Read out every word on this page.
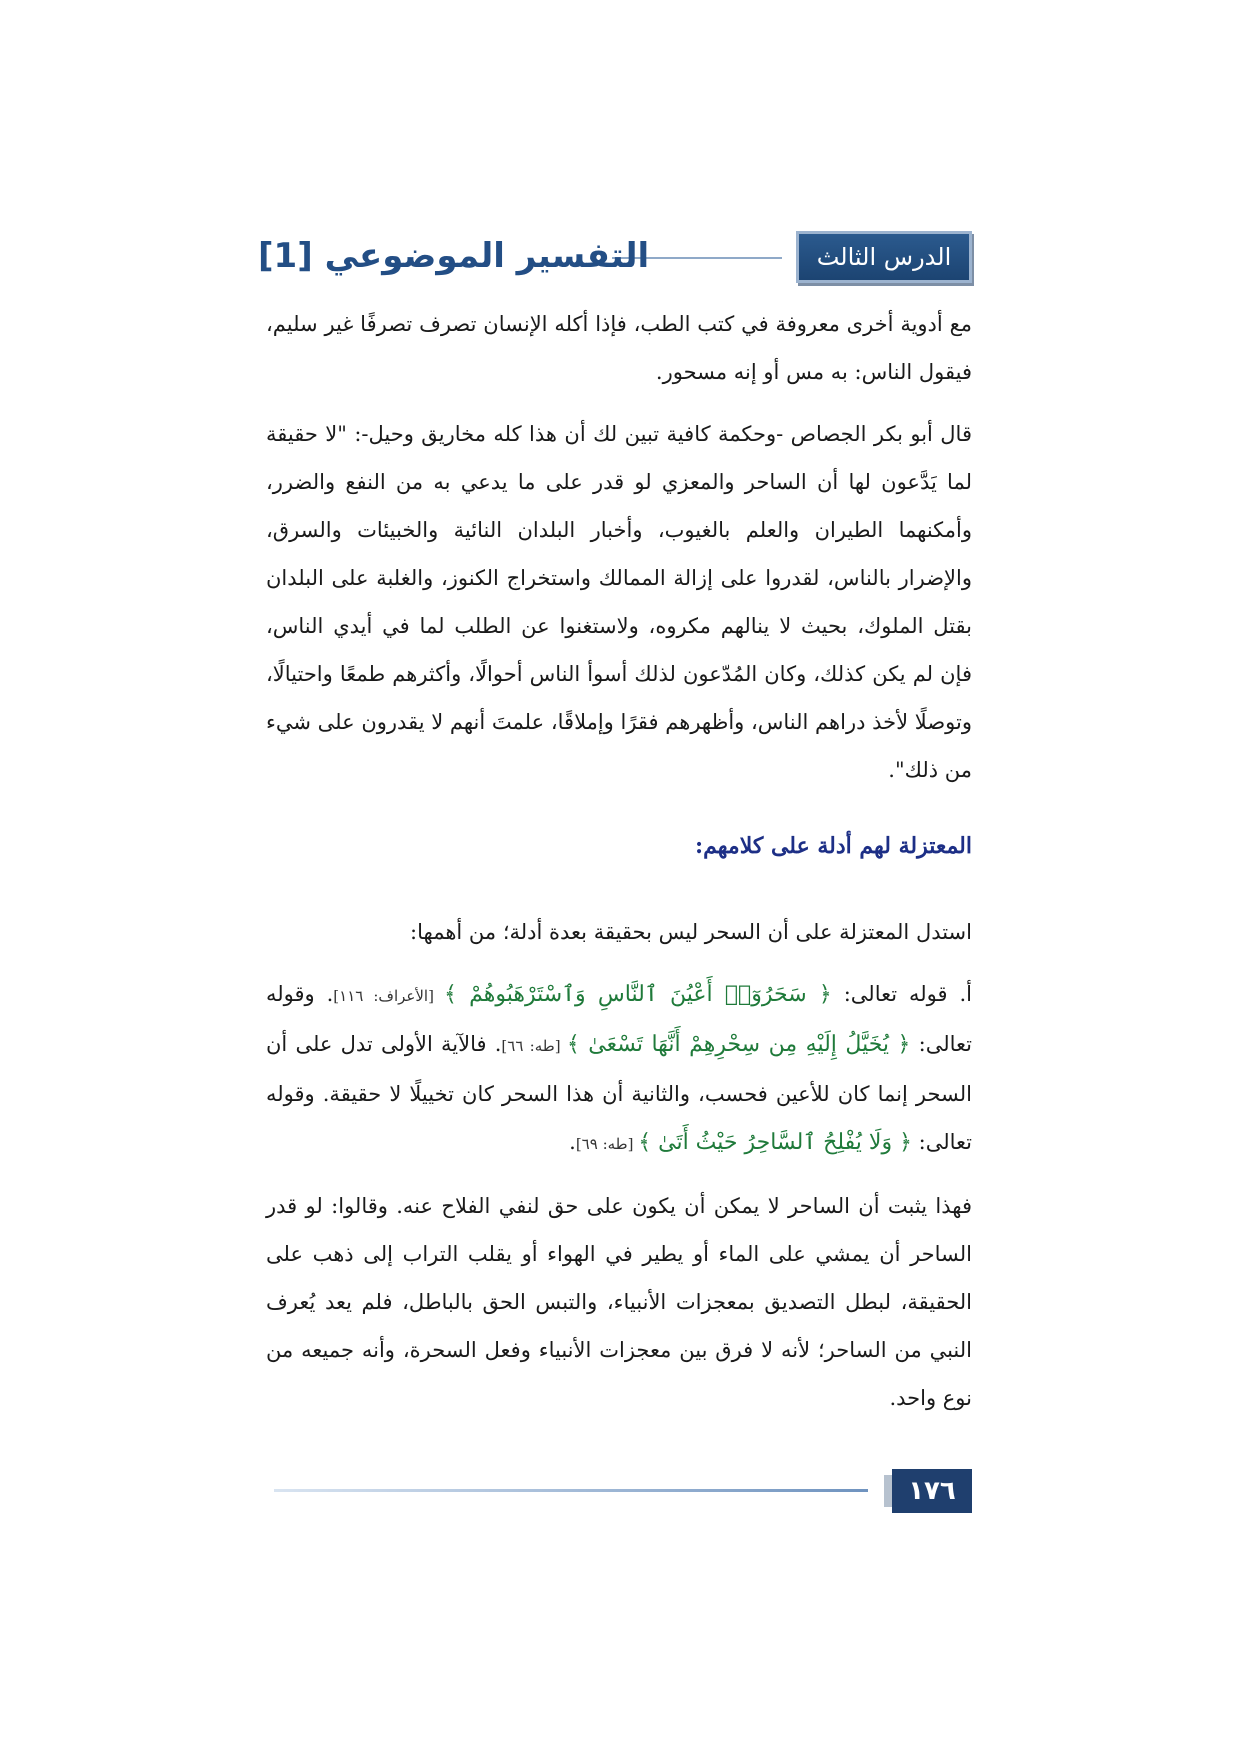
الدرس الثالث عشر
التفسير الموضوعي [1]

مع أدوية أخرى معروفة في كتب الطب، فإذا أكله الإنسان تصرف تصرفًا غير سليم، فيقول الناس: به مس أو إنه مسحور.

قال أبو بكر الجصاص -وحكمة كافية تبين لك أن هذا كله مخاريق وحيل-: "لا حقيقة لما يَدَّعون لها أن الساحر والمعزي لو قدر على ما يدعي به من النفع والضرر، وأمكنهما الطيران والعلم بالغيوب، وأخبار البلدان النائية والخبيئات والسرق، والإضرار بالناس، لقدروا على إزالة الممالك واستخراج الكنوز، والغلبة على البلدان بقتل الملوك، بحيث لا ينالهم مكروه، ولاستغنوا عن الطلب لما في أيدي الناس، فإن لم يكن كذلك، وكان المُدّعون لذلك أسوأ الناس أحوالًا، وأكثرهم طمعًا واحتيالًا، وتوصلًا لأخذ دراهم الناس، وأظهرهم فقرًا وإملاقًا، علمتَ أنهم لا يقدرون على شيء من ذلك".

المعتزلة لهم أدلة على كلامهم:

استدل المعتزلة على أن السحر ليس بحقيقة بعدة أدلة؛ من أهمها:

أ. قوله تعالى: ﴿ سَحَرُوٓا۟ أَعْيُنَ ٱلنَّاسِ وَٱسْتَرْهَبُوهُمْ ﴾ [الأعراف: ١١٦]. وقوله تعالى: ﴿ يُخَيَّلُ إِلَيْهِ مِن سِحْرِهِمْ أَنَّهَا تَسْعَىٰ ﴾ [طه: ٦٦]. فالآية الأولى تدل على أن السحر إنما كان للأعين فحسب، والثانية أن هذا السحر كان تخييلًا لا حقيقة. وقوله تعالى: ﴿ وَلَا يُفْلِحُ ٱلسَّاحِرُ حَيْثُ أَتَىٰ ﴾ [طه: ٦٩].

فهذا يثبت أن الساحر لا يمكن أن يكون على حق لنفي الفلاح عنه. وقالوا: لو قدر الساحر أن يمشي على الماء أو يطير في الهواء أو يقلب التراب إلى ذهب على الحقيقة، لبطل التصديق بمعجزات الأنبياء، والتبس الحق بالباطل، فلم يعد يُعرف النبي من الساحر؛ لأنه لا فرق بين معجزات الأنبياء وفعل السحرة، وأنه جميعه من نوع واحد.

١٧٦
